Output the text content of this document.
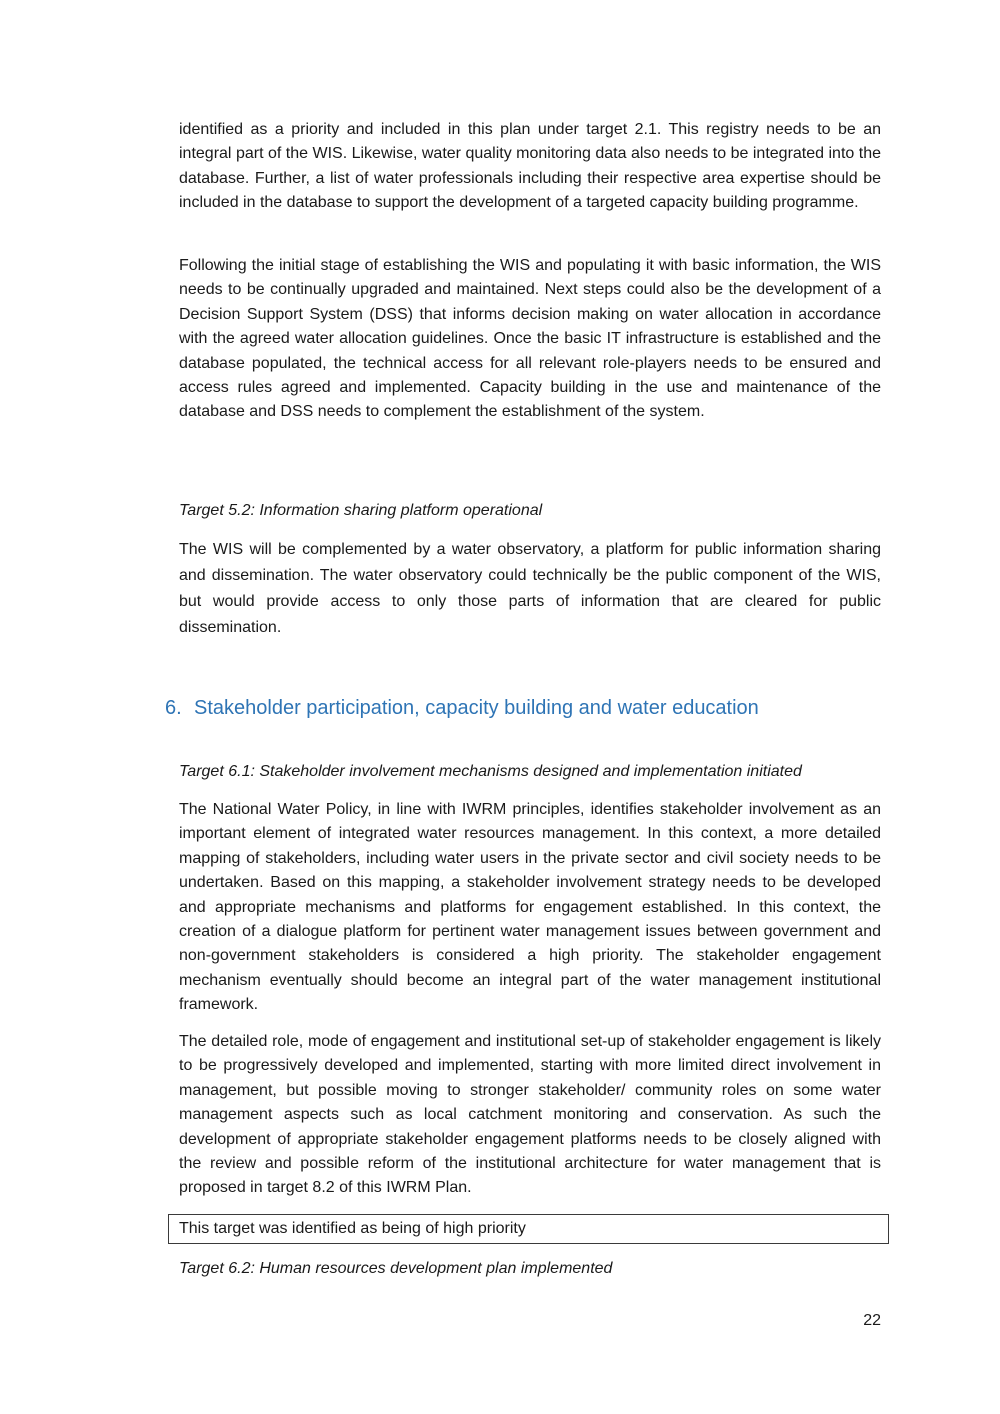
identified as a priority and included in this plan under target 2.1. This registry needs to be an integral part of the WIS. Likewise, water quality monitoring data also needs to be integrated into the database. Further, a list of water professionals including their respective area expertise should be included in the database to support the development of a targeted capacity building programme.

Following the initial stage of establishing the WIS and populating it with basic information, the WIS needs to be continually upgraded and maintained. Next steps could also be the development of a Decision Support System (DSS) that informs decision making on water allocation in accordance with the agreed water allocation guidelines. Once the basic IT infrastructure is established and the database populated, the technical access for all relevant role-players needs to be ensured and access rules agreed and implemented. Capacity building in the use and maintenance of the database and DSS needs to complement the establishment of the system.

Target 5.2: Information sharing platform operational

The WIS will be complemented by a water observatory, a platform for public information sharing and dissemination. The water observatory could technically be the public component of the WIS, but would provide access to only those parts of information that are cleared for public dissemination.

6. Stakeholder participation, capacity building and water education

Target 6.1: Stakeholder involvement mechanisms designed and implementation initiated

The National Water Policy, in line with IWRM principles, identifies stakeholder involvement as an important element of integrated water resources management. In this context, a more detailed mapping of stakeholders, including water users in the private sector and civil society needs to be undertaken. Based on this mapping, a stakeholder involvement strategy needs to be developed and appropriate mechanisms and platforms for engagement established. In this context, the creation of a dialogue platform for pertinent water management issues between government and non-government stakeholders is considered a high priority. The stakeholder engagement mechanism eventually should become an integral part of the water management institutional framework.

The detailed role, mode of engagement and institutional set-up of stakeholder engagement is likely to be progressively developed and implemented, starting with more limited direct involvement in management, but possible moving to stronger stakeholder/ community roles on some water management aspects such as local catchment monitoring and conservation. As such the development of appropriate stakeholder engagement platforms needs to be closely aligned with the review and possible reform of the institutional architecture for water management that is proposed in target 8.2 of this IWRM Plan.

This target was identified as being of high priority

Target 6.2: Human resources development plan implemented

22
